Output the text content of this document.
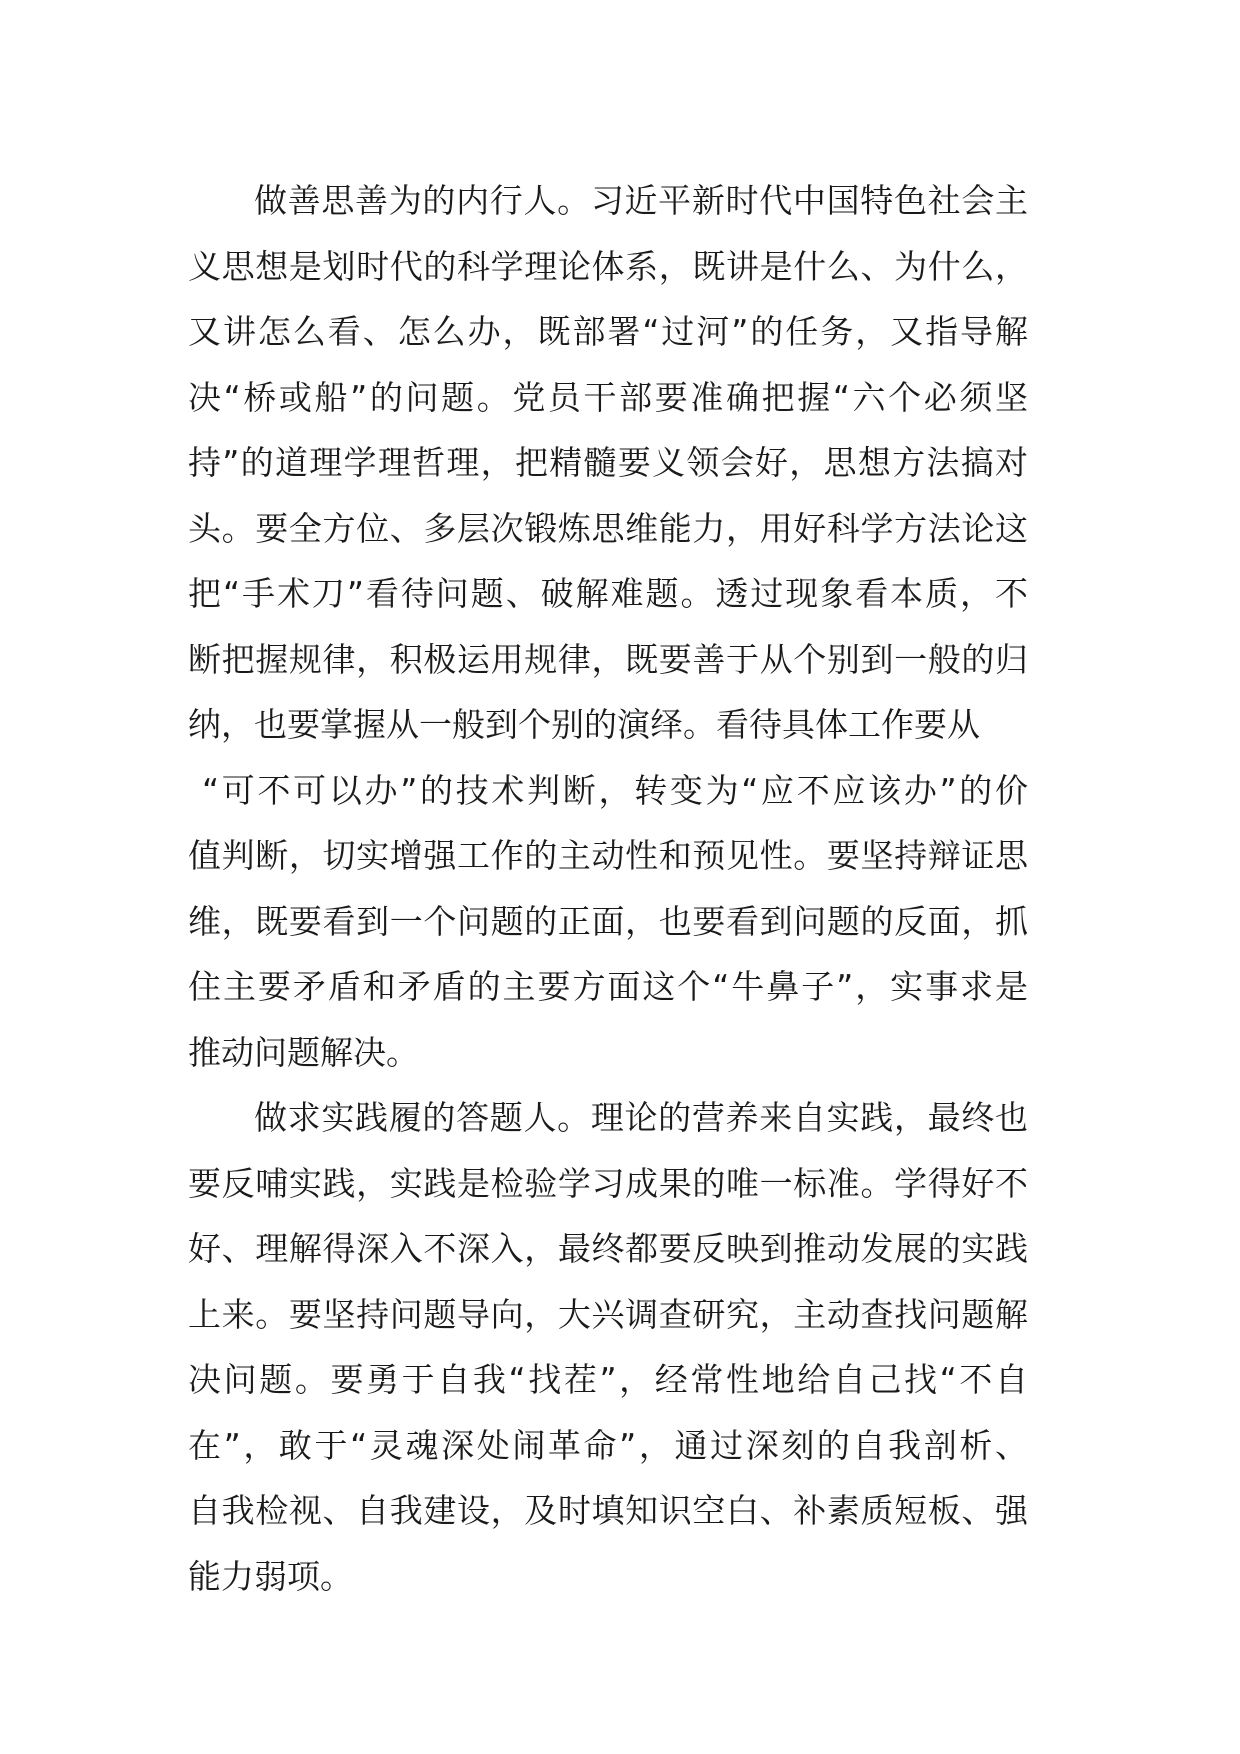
做善思善为的内行人。习近平新时代中国特色社会主
义思想是划时代的科学理论体系，既讲是什么、为什么，
又讲怎么看、怎么办，既部署“过河”的任务，又指导解
决“桥或船”的问题。党员干部要准确把握“六个必须坚
持”的道理学理哲理，把精髓要义领会好，思想方法搞对
头。要全方位、多层次锻炼思维能力，用好科学方法论这
把“手术刀”看待问题、破解难题。透过现象看本质，不
断把握规律，积极运用规律，既要善于从个别到一般的归
纳，也要掌握从一般到个别的演绎。看待具体工作要从
“可不可以办”的技术判断，转变为“应不应该办”的价
值判断，切实增强工作的主动性和预见性。要坚持辩证思
维，既要看到一个问题的正面，也要看到问题的反面，抓
住主要矛盾和矛盾的主要方面这个“牛鼻子”，实事求是
推动问题解决。
做求实践履的答题人。理论的营养来自实践，最终也
要反哺实践，实践是检验学习成果的唯一标准。学得好不
好、理解得深入不深入，最终都要反映到推动发展的实践
上来。要坚持问题导向，大兴调查研究，主动查找问题解
决问题。要勇于自我“找茬”，经常性地给自己找“不自
在”，敢于“灵魂深处闹革命”，通过深刻的自我剖析、
自我检视、自我建设，及时填知识空白、补素质短板、强
能力弱项。
